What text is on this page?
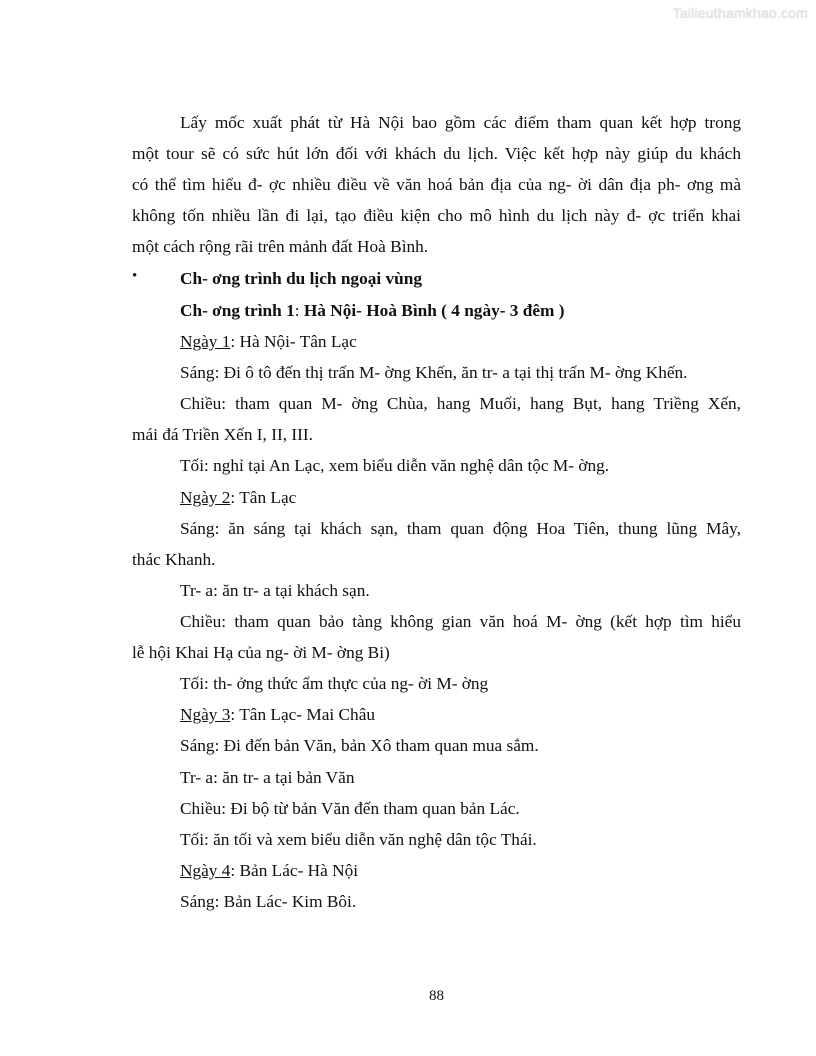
Tailieuthamkhao.com
Lấy mốc xuất phát từ Hà Nội bao gồm các điểm tham quan kết hợp trong
một tour sẽ có sức hút lớn đối với khách du lịch. Việc kết hợp này giúp du khách
có thể tìm hiểu đ- ợc nhiều điều về văn hoá bản địa của ng- ời dân địa ph- ơng mà
không tốn nhiều lần đi lại, tạo điều kiện cho mô hình du lịch này đ- ợc triển khai
một cách rộng rãi trên mảnh đất Hoà Bình.
• Ch- ơng trình du lịch ngoại vùng
Ch- ơng trình 1: Hà Nội- Hoà Bình ( 4 ngày- 3 đêm )
Ngày 1: Hà Nội- Tân Lạc
Sáng: Đi ô tô đến thị trấn M- ờng Khến, ăn tr- a tại thị trấn M- ờng Khến.
Chiều: tham quan M- ờng Chùa, hang Muối, hang Bụt, hang Triềng Xến,
mái đá Triền Xến I, II, III.
Tối: nghỉ tại An Lạc, xem biểu diễn văn nghệ dân tộc M- ờng.
Ngày 2: Tân Lạc
Sáng: ăn sáng tại khách sạn, tham quan động Hoa Tiên, thung lũng Mây,
thác Khanh.
Tr- a: ăn tr- a tại khách sạn.
Chiều: tham quan bảo tàng không gian văn hoá M- ờng (kết hợp tìm hiểu
lễ hội Khai Hạ của ng- ời M- ờng Bi)
Tối: th- ởng thức ẩm thực của ng- ời M- ờng
Ngày 3: Tân Lạc- Mai Châu
Sáng: Đi đến bản Văn, bản Xô tham quan mua sắm.
Tr- a: ăn tr- a tại bản Văn
Chiều: Đi bộ từ bản Văn đến tham quan bản Lác.
Tối: ăn tối và xem biểu diễn văn nghệ dân tộc Thái.
Ngày 4: Bản Lác- Hà Nội
Sáng: Bản Lác- Kim Bôi.
88
